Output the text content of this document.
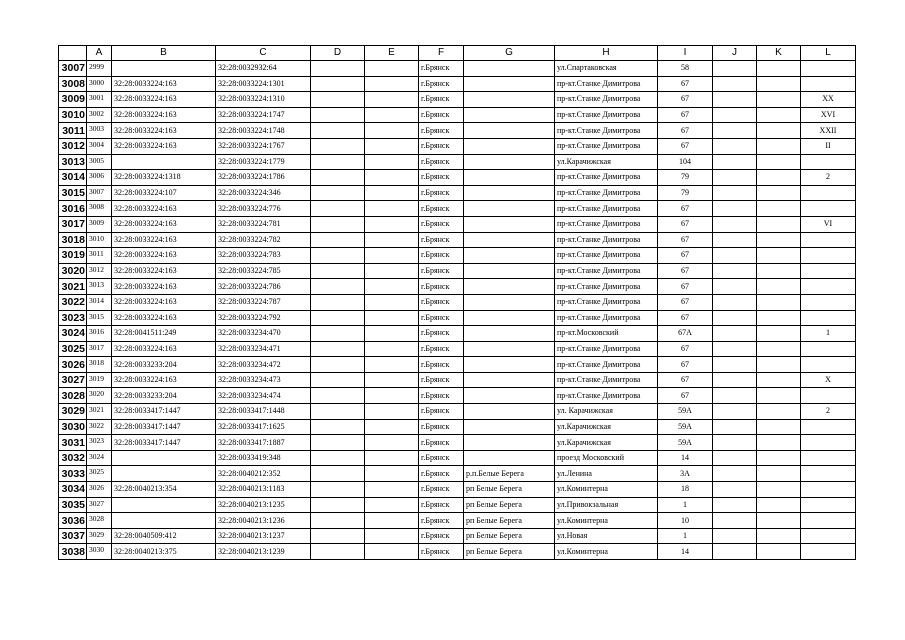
	A	B	C	D	E	F	G	H	I	J	K	L
3007	2999		32:28:0032932:64			г.Брянск		ул.Спартаковская	58			
3008	3000	32:28:0033224:163	32:28:0033224:1301			г.Брянск		пр-кт.Станке Димитрова	67			
3009	3001	32:28:0033224:163	32:28:0033224:1310			г.Брянск		пр-кт.Станке Димитрова	67			XX
3010	3002	32:28:0033224:163	32:28:0033224:1747			г.Брянск		пр-кт.Станке Димитрова	67			XVI
3011	3003	32:28:0033224:163	32:28:0033224:1748			г.Брянск		пр-кт.Станке Димитрова	67			XXII
3012	3004	32:28:0033224:163	32:28:0033224:1767			г.Брянск		пр-кт.Станке Димитрова	67			II
3013	3005		32:28:0033224:1779			г.Брянск		ул.Карачижская	104			
3014	3006	32:28:0033224:1318	32:28:0033224:1786			г.Брянск		пр-кт.Станке Димитрова	79			2
3015	3007	32:28:0033224:107	32:28:0033224:346			г.Брянск		пр-кт.Станке Димитрова	79			
3016	3008	32:28:0033224:163	32:28:0033224:776			г.Брянск		пр-кт.Станке Димитрова	67			
3017	3009	32:28:0033224:163	32:28:0033224:781			г.Брянск		пр-кт.Станке Димитрова	67			VI
3018	3010	32:28:0033224:163	32:28:0033224:782			г.Брянск		пр-кт.Станке Димитрова	67			
3019	3011	32:28:0033224:163	32:28:0033224:783			г.Брянск		пр-кт.Станке Димитрова	67			
3020	3012	32:28:0033224:163	32:28:0033224:785			г.Брянск		пр-кт.Станке Димитрова	67			
3021	3013	32:28:0033224:163	32:28:0033224:786			г.Брянск		пр-кт.Станке Димитрова	67			
3022	3014	32:28:0033224:163	32:28:0033224:787			г.Брянск		пр-кт.Станке Димитрова	67			
3023	3015	32:28:0033224:163	32:28:0033224:792			г.Брянск		пр-кт.Станке Димитрова	67			
3024	3016	32:28:0041511:249	32:28:0033234:470			г.Брянск		пр-кт.Московский	67А			1
3025	3017	32:28:0033224:163	32:28:0033234:471			г.Брянск		пр-кт.Станке Димитрова	67			
3026	3018	32:28:0033233:204	32:28:0033234:472			г.Брянск		пр-кт.Станке Димитрова	67			
3027	3019	32:28:0033224:163	32:28:0033234:473			г.Брянск		пр-кт.Станке Димитрова	67			X
3028	3020	32:28:0033233:204	32:28:0033234:474			г.Брянск		пр-кт.Станке Димитрова	67			
3029	3021	32:28:0033417:1447	32:28:0033417:1448			г.Брянск		ул. Карачижская	59А			2
3030	3022	32:28:0033417:1447	32:28:0033417:1625			г.Брянск		ул.Карачижская	59А			
3031	3023	32:28:0033417:1447	32:28:0033417:1887			г.Брянск		ул.Карачижская	59А			
3032	3024		32:28:0033419:348			г.Брянск		проезд Московский	14			
3033	3025		32:28:0040212:352			г.Брянск	р.п.Белые Берега	ул.Ленина	3А			
3034	3026	32:28:0040213:354	32:28:0040213:1183			г.Брянск	рп Белые Берега	ул.Коминтерна	18			
3035	3027		32:28:0040213:1235			г.Брянск	рп Белые Берега	ул.Привокзальная	1			
3036	3028		32:28:0040213:1236			г.Брянск	рп Белые Берега	ул.Коминтерна	10			
3037	3029	32:28:0040509:412	32:28:0040213:1237			г.Брянск	рп Белые Берега	ул.Новая	1			
3038	3030	32:28:0040213:375	32:28:0040213:1239			г.Брянск	рп Белые Берега	ул.Коминтерна	14			
